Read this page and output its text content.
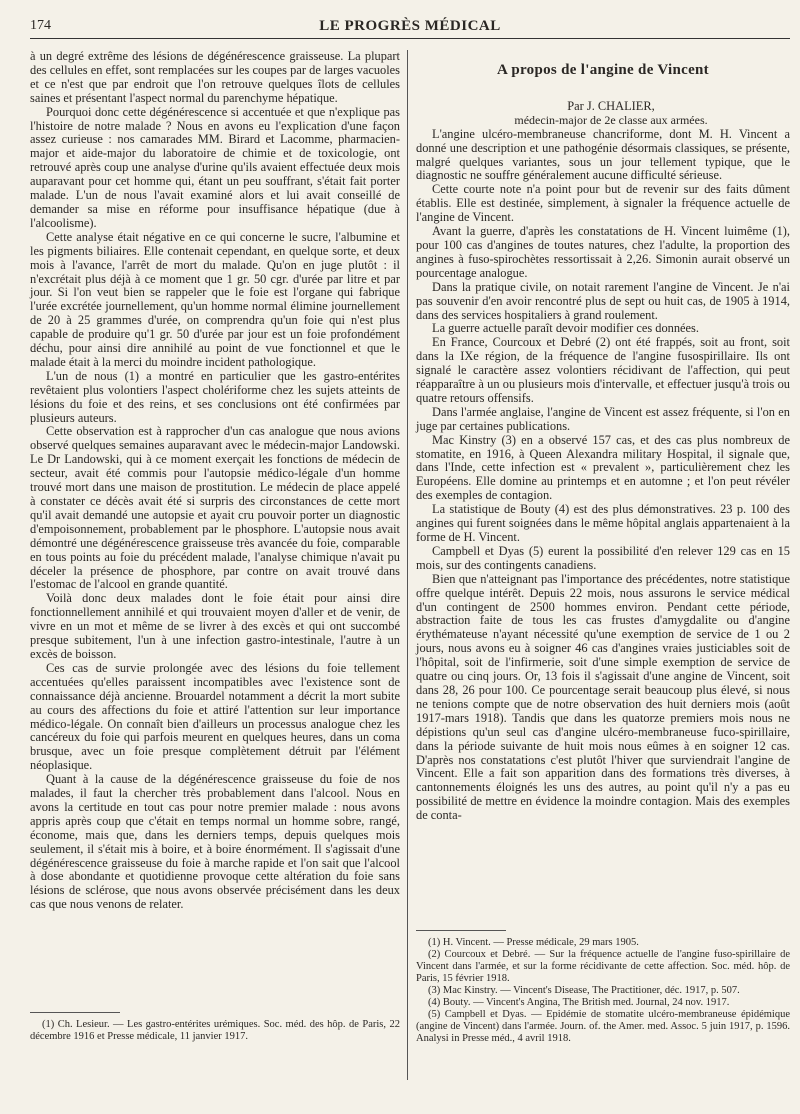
174	LE PROGRÈS MÉDICAL

à un degré extrême des lésions de dégénérescence graisseuse. La plupart des cellules en effet, sont remplacées sur les coupes par de larges vacuoles et ce n'est que par endroit que l'on retrouve quelques îlots de cellules saines et présentant l'aspect normal du parenchyme hépatique.

Pourquoi donc cette dégénérescence si accentuée et que n'explique pas l'histoire de notre malade ? Nous en avons eu l'explication d'une façon assez curieuse : nos camarades MM. Birard et Lacomme, pharmacien-major et aide-major du laboratoire de chimie et de toxicologie, ont retrouvé après coup une analyse d'urine qu'ils avaient effectuée deux mois auparavant pour cet homme qui, étant un peu souffrant, s'était fait porter malade. L'un de nous l'avait examiné alors et lui avait conseillé de demander sa mise en réforme pour insuffisance hépatique (due à l'alcoolisme).

Cette analyse était négative en ce qui concerne le sucre, l'albumine et les pigments biliaires. Elle contenait cependant, en quelque sorte, et deux mois à l'avance, l'arrêt de mort du malade. Qu'on en juge plutôt : il n'excrétait plus déjà à ce moment que 1 gr. 50 cgr. d'urée par litre et par jour. Si l'on veut bien se rappeler que le foie est l'organe qui fabrique l'urée excrétée journellement, qu'un homme normal élimine journellement de 20 à 25 grammes d'urée, on comprendra qu'un foie qui n'est plus capable de produire qu'1 gr. 50 d'urée par jour est un foie profondément déchu, pour ainsi dire annihilé au point de vue fonctionnel et que le malade était à la merci du moindre incident pathologique.

L'un de nous (1) a montré en particulier que les gastro-entérites revêtaient plus volontiers l'aspect cholériforme chez les sujets atteints de lésions du foie et des reins, et ses conclusions ont été confirmées par plusieurs auteurs.

Cette observation est à rapprocher d'un cas analogue que nous avions observé quelques semaines auparavant avec le médecin-major Landowski. Le Dr Landowski, qui à ce moment exerçait les fonctions de médecin de secteur, avait été commis pour l'autopsie médico-légale d'un homme trouvé mort dans une maison de prostitution. Le médecin de place appelé à constater ce décès avait été si surpris des circonstances de cette mort qu'il avait demandé une autopsie et ayait cru pouvoir porter un diagnostic d'empoisonnement, probablement par le phosphore. L'autopsie nous avait démontré une dégénérescence graisseuse très avancée du foie, comparable en tous points au foie du précédent malade, l'analyse chimique n'avait pu déceler la présence de phosphore, par contre on avait trouvé dans l'estomac de l'alcool en grande quantité.

Voilà donc deux malades dont le foie était pour ainsi dire fonctionnellement annihilé et qui trouvaient moyen d'aller et de venir, de vivre en un mot et même de se livrer à des excès et qui ont succombé presque subitement, l'un à une infection gastro-intestinale, l'autre à un excès de boisson.

Ces cas de survie prolongée avec des lésions du foie tellement accentuées qu'elles paraissent incompatibles avec l'existence sont de connaissance déjà ancienne. Brouardel notamment a décrit la mort subite au cours des affections du foie et attiré l'attention sur leur importance médico-légale. On connaît bien d'ailleurs un processus analogue chez les cancéreux du foie qui parfois meurent en quelques heures, dans un coma brusque, avec un foie presque complètement détruit par l'élément néoplasique.

Quant à la cause de la dégénérescence graisseuse du foie de nos malades, il faut la chercher très probablement dans l'alcool. Nous en avons la certitude en tout cas pour notre premier malade : nous avons appris après coup que c'était en temps normal un homme sobre, rangé, économe, mais que, dans les derniers temps, depuis quelques mois seulement, il s'était mis à boire, et à boire énormément. Il s'agissait d'une dégénérescence graisseuse du foie à marche rapide et l'on sait que l'alcool à dose abondante et quotidienne provoque cette altération du foie sans lésions de sclérose, que nous avons observée précisément dans les deux cas que nous venons de relater.

(1) Ch. Lesieur. — Les gastro-entérites urémiques. Soc. méd. des hôp. de Paris, 22 décembre 1916 et Presse médicale, 11 janvier 1917.

A propos de l'angine de Vincent

Par J. CHALIER,

médecin-major de 2e classe aux armées.

L'angine ulcéro-membraneuse chancriforme, dont M. H. Vincent a donné une description et une pathogénie désormais classiques, se présente, malgré quelques variantes, sous un jour tellement typique, que le diagnostic ne souffre généralement aucune difficulté sérieuse.

Cette courte note n'a point pour but de revenir sur des faits dûment établis. Elle est destinée, simplement, à signaler la fréquence actuelle de l'angine de Vincent.

Avant la guerre, d'après les constatations de H. Vincent luimême (1), pour 100 cas d'angines de toutes natures, chez l'adulte, la proportion des angines à fuso-spirochètes ressortissait à 2,26. Simonin aurait observé un pourcentage analogue.

Dans la pratique civile, on notait rarement l'angine de Vincent. Je n'ai pas souvenir d'en avoir rencontré plus de sept ou huit cas, de 1905 à 1914, dans des services hospitaliers à grand roulement.

La guerre actuelle paraît devoir modifier ces données.

En France, Courcoux et Debré (2) ont été frappés, soit au front, soit dans la IXe région, de la fréquence de l'angine fusospirillaire. Ils ont signalé le caractère assez volontiers récidivant de l'affection, qui peut réapparaître à un ou plusieurs mois d'intervalle, et effectuer jusqu'à trois ou quatre retours offensifs.

Dans l'armée anglaise, l'angine de Vincent est assez fréquente, si l'on en juge par certaines publications.

Mac Kinstry (3) en a observé 157 cas, et des cas plus nombreux de stomatite, en 1916, à Queen Alexandra military Hospital, il signale que, dans l'Inde, cette infection est « prevalent », particulièrement chez les Européens. Elle domine au printemps et en automne ; et l'on peut révéler des exemples de contagion.

La statistique de Bouty (4) est des plus démonstratives. 23 p. 100 des angines qui furent soignées dans le même hôpital anglais appartenaient à la forme de H. Vincent.

Campbell et Dyas (5) eurent la possibilité d'en relever 129 cas en 15 mois, sur des contingents canadiens.

Bien que n'atteignant pas l'importance des précédentes, notre statistique offre quelque intérêt. Depuis 22 mois, nous assurons le service médical d'un contingent de 2500 hommes environ. Pendant cette période, abstraction faite de tous les cas frustes d'amygdalite ou d'angine érythémateuse n'ayant nécessité qu'une exemption de service de 1 ou 2 jours, nous avons eu à soigner 46 cas d'angines vraies justiciables soit de l'hôpital, soit de l'infirmerie, soit d'une simple exemption de service de quatre ou cinq jours. Or, 13 fois il s'agissait d'une angine de Vincent, soit dans 28, 26 pour 100. Ce pourcentage serait beaucoup plus élevé, si nous ne tenions compte que de notre observation des huit derniers mois (août 1917-mars 1918). Tandis que dans les quatorze premiers mois nous ne dépistions qu'un seul cas d'angine ulcéro-membraneuse fuco-spirillaire, dans la période suivante de huit mois nous eûmes à en soigner 12 cas. D'après nos constatations c'est plutôt l'hiver que surviendrait l'angine de Vincent. Elle a fait son apparition dans des formations très diverses, à cantonnements éloignés les uns des autres, au point qu'il n'y a pas eu possibilité de mettre en évidence la moindre contagion. Mais des exemples de conta-

(1) H. Vincent. — Presse médicale, 29 mars 1905.

(2) Courcoux et Debré. — Sur la fréquence actuelle de l'angine fuso-spirillaire de Vincent dans l'armée, et sur la forme récidivante de cette affection. Soc. méd. hôp. de Paris, 15 février 1918.

(3) Mac Kinstry. — Vincent's Disease, The Practitioner, déc. 1917, p. 507.

(4) Bouty. — Vincent's Angina, The British med. Journal, 24 nov. 1917.

(5) Campbell et Dyas. — Epidémie de stomatite ulcéro-membraneuse épidémique (angine de Vincent) dans l'armée. Journ. of. the Amer. med. Assoc. 5 juin 1917, p. 1596. Analysi in Presse méd., 4 avril 1918.
